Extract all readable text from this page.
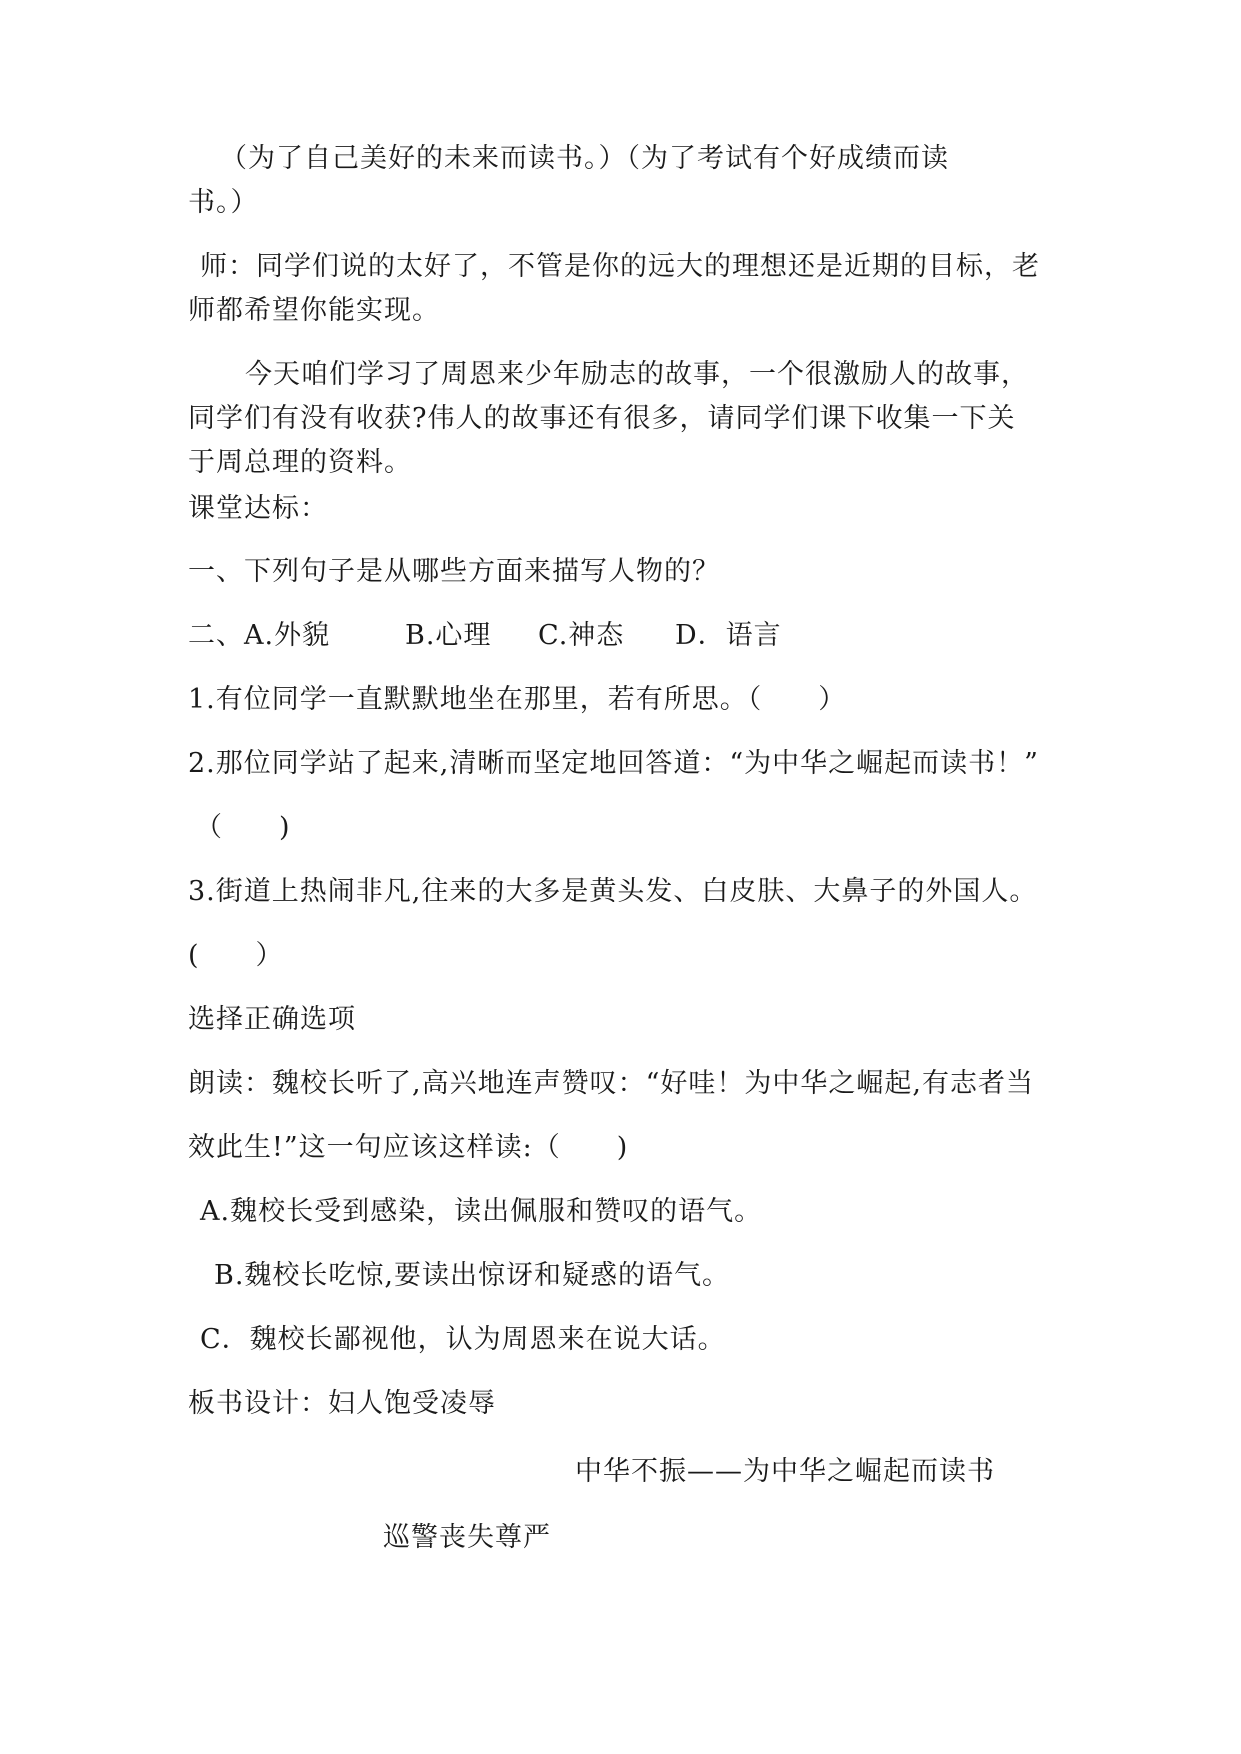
（为了自己美好的未来而读书。）（为了考试有个好成绩而读
书。）
师：同学们说的太好了，不管是你的远大的理想还是近期的目标，老
师都希望你能实现。
今天咱们学习了周恩来少年励志的故事，一个很激励人的故事，
同学们有没有收获?伟人的故事还有很多，请同学们课下收集一下关
于周总理的资料。
课堂达标：
一、下列句子是从哪些方面来描写人物的？
二、A.外貌	B.心理 C.神态 D．语言
1.有位同学一直默默地坐在那里，若有所思。（　　）
2.那位同学站了起来,清晰而坚定地回答道：“为中华之崛起而读书！”
（　　)
3.街道上热闹非凡,往来的大多是黄头发、白皮肤、大鼻子的外国人。
(　　）
选择正确选项
朗读：魏校长听了,高兴地连声赞叹：“好哇！为中华之崛起,有志者当
效此生!”这一句应该这样读:（　　)
A.魏校长受到感染，读出佩服和赞叹的语气。
B.魏校长吃惊,要读出惊讶和疑惑的语气。
C．魏校长鄙视他，认为周恩来在说大话。
板书设计：妇人饱受凌辱
中华不振——为中华之崛起而读书
巡警丧失尊严
